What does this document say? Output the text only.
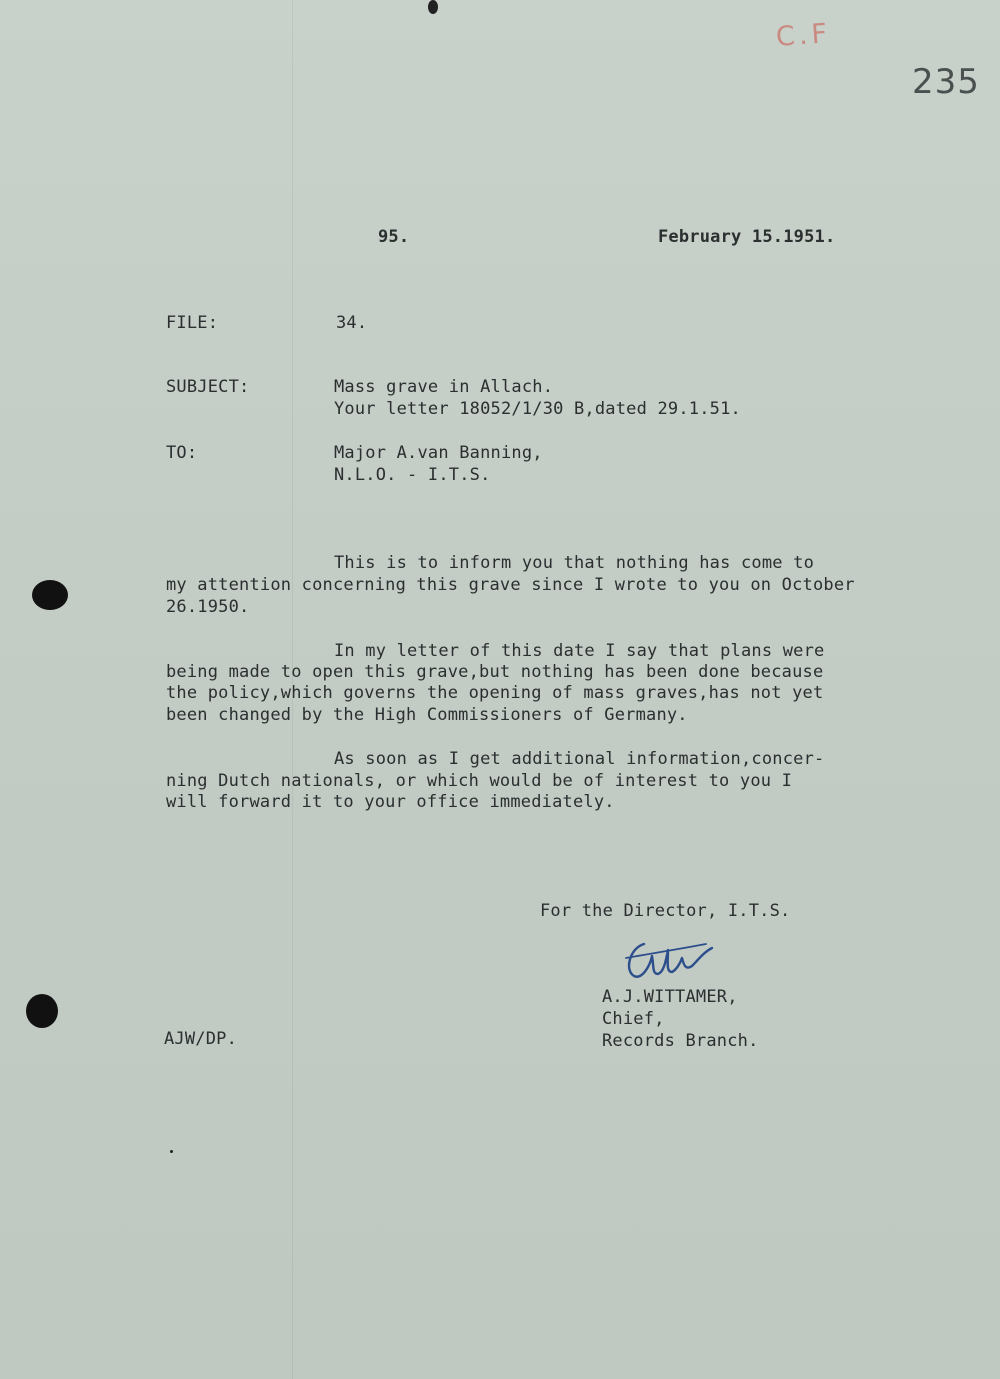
C.F
235
95.	February 15.1951.
FILE:	34.
SUBJECT:	Mass grave in Allach.
Your letter 18052/1/30 B,dated 29.1.51.
TO:	Major A.van Banning,
N.L.O. - I.T.S.
This is to inform you that nothing has come to
my attention concerning this grave since I wrote to you on October
26.1950.
In my letter of this date I say that plans were
being made to open this grave,but nothing has been done because
the policy,which governs the opening of mass graves,has not yet
been changed by the High Commissioners of Germany.
As soon as I get additional information,concer-
ning Dutch nationals, or which would be of interest to you I
will forward it to your office immediately.
For the Director, I.T.S.
A.J.WITTAMER,
Chief,
Records Branch.
AJW/DP.
